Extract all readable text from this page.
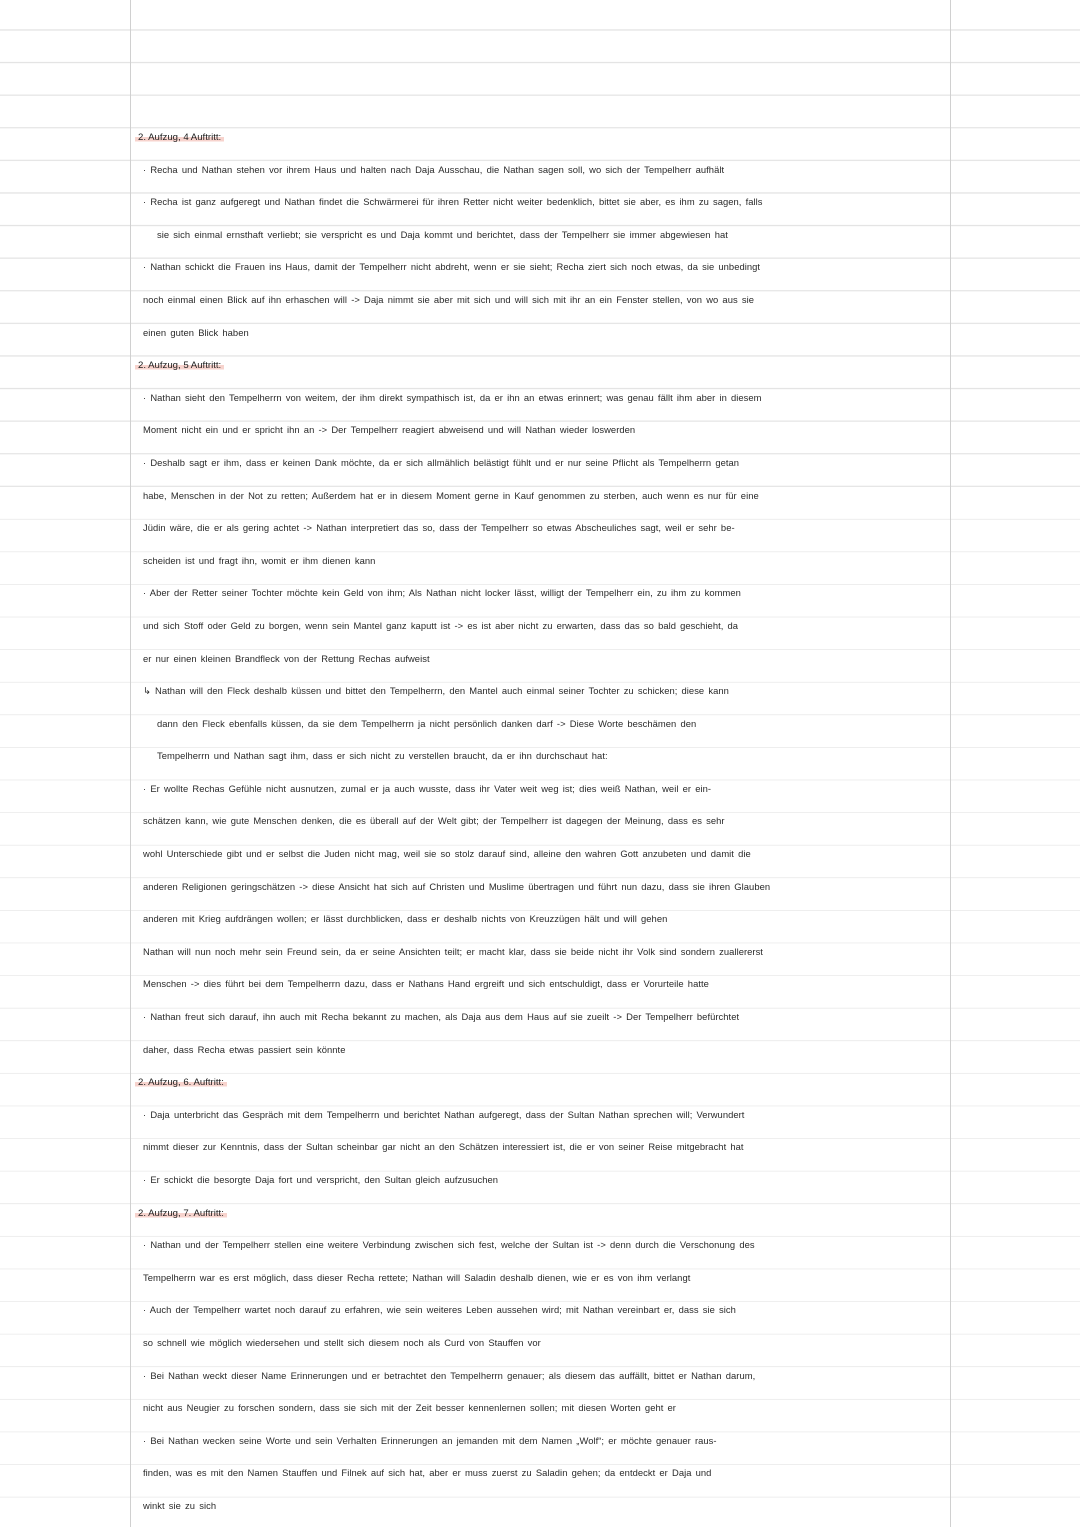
2. Aufzug, 4 Auftritt:
· Recha und Nathan stehen vor ihrem Haus und halten nach Daja Ausschau, die Nathan sagen soll, wo sich der Tempelherr aufhält
· Recha ist ganz aufgeregt und Nathan findet die Schwärmerei für ihren Retter nicht weiter bedenklich, bittet sie aber, es ihm zu sagen, falls
sie sich einmal ernsthaft verliebt; sie verspricht es und Daja kommt und berichtet, dass der Tempelherr sie immer abgewiesen hat
· Nathan schickt die Frauen ins Haus, damit der Tempelherr nicht abdreht, wenn er sie sieht; Recha ziert sich noch etwas, da sie unbedingt
noch einmal einen Blick auf ihn erhaschen will -> Daja nimmt sie aber mit sich und will sich mit ihr an ein Fenster stellen, von wo aus sie
einen guten Blick haben
2. Aufzug, 5 Auftritt:
· Nathan sieht den Tempelherrn von weitem, der ihm direkt sympathisch ist, da er ihn an etwas erinnert; was genau fällt ihm aber in diesem
Moment nicht ein und er spricht ihn an -> Der Tempelherr reagiert abweisend und will Nathan wieder loswerden
· Deshalb sagt er ihm, dass er keinen Dank möchte, da er sich allmählich belästigt fühlt und er nur seine Pflicht als Tempelherrn getan
habe, Menschen in der Not zu retten; Außerdem hat er in diesem Moment gerne in Kauf genommen zu sterben, auch wenn es nur für eine
Jüdin wäre, die er als gering achtet -> Nathan interpretiert das so, dass der Tempelherr so etwas Abscheuliches sagt, weil er sehr be-
scheiden ist und fragt ihn, womit er ihm dienen kann
· Aber der Retter seiner Tochter möchte kein Geld von ihm; Als Nathan nicht locker lässt, willigt der Tempelherr ein, zu ihm zu kommen
und sich Stoff oder Geld zu borgen, wenn sein Mantel ganz kaputt ist -> es ist aber nicht zu erwarten, dass das so bald geschieht, da
er nur einen kleinen Brandfleck von der Rettung Rechas aufweist
↳ Nathan will den Fleck deshalb küssen und bittet den Tempelherrn, den Mantel auch einmal seiner Tochter zu schicken; diese kann
dann den Fleck ebenfalls küssen, da sie dem Tempelherrn ja nicht persönlich danken darf -> Diese Worte beschämen den
Tempelherrn und Nathan sagt ihm, dass er sich nicht zu verstellen braucht, da er ihn durchschaut hat:
· Er wollte Rechas Gefühle nicht ausnutzen, zumal er ja auch wusste, dass ihr Vater weit weg ist; dies weiß Nathan, weil er ein-
schätzen kann, wie gute Menschen denken, die es überall auf der Welt gibt; der Tempelherr ist dagegen der Meinung, dass es sehr
wohl Unterschiede gibt und er selbst die Juden nicht mag, weil sie so stolz darauf sind, alleine den wahren Gott anzubeten und damit die
anderen Religionen geringschätzen -> diese Ansicht hat sich auf Christen und Muslime übertragen und führt nun dazu, dass sie ihren Glauben
anderen mit Krieg aufdrängen wollen; er lässt durchblicken, dass er deshalb nichts von Kreuzzügen hält und will gehen
Nathan will nun noch mehr sein Freund sein, da er seine Ansichten teilt; er macht klar, dass sie beide nicht ihr Volk sind sondern zuallererst
Menschen -> dies führt bei dem Tempelherrn dazu, dass er Nathans Hand ergreift und sich entschuldigt, dass er Vorurteile hatte
· Nathan freut sich darauf, ihn auch mit Recha bekannt zu machen, als Daja aus dem Haus auf sie zueilt -> Der Tempelherr befürchtet
daher, dass Recha etwas passiert sein könnte
2. Aufzug, 6. Auftritt:
· Daja unterbricht das Gespräch mit dem Tempelherrn und berichtet Nathan aufgeregt, dass der Sultan Nathan sprechen will; Verwundert
nimmt dieser zur Kenntnis, dass der Sultan scheinbar gar nicht an den Schätzen interessiert ist, die er von seiner Reise mitgebracht hat
· Er schickt die besorgte Daja fort und verspricht, den Sultan gleich aufzusuchen
2. Aufzug, 7. Auftritt:
· Nathan und der Tempelherr stellen eine weitere Verbindung zwischen sich fest, welche der Sultan ist -> denn durch die Verschonung des
Tempelherrn war es erst möglich, dass dieser Recha rettete; Nathan will Saladin deshalb dienen, wie er es von ihm verlangt
· Auch der Tempelherr wartet noch darauf zu erfahren, wie sein weiteres Leben aussehen wird; mit Nathan vereinbart er, dass sie sich
so schnell wie möglich wiedersehen und stellt sich diesem noch als Curd von Stauffen vor
· Bei Nathan weckt dieser Name Erinnerungen und er betrachtet den Tempelherrn genauer; als diesem das auffällt, bittet er Nathan darum,
nicht aus Neugier zu forschen sondern, dass sie sich mit der Zeit besser kennenlernen sollen; mit diesen Worten geht er
· Bei Nathan wecken seine Worte und sein Verhalten Erinnerungen an jemanden mit dem Namen „Wolf“; er möchte genauer raus-
finden, was es mit den Namen Stauffen und Filnek auf sich hat, aber er muss zuerst zu Saladin gehen; da entdeckt er Daja und
winkt sie zu sich
